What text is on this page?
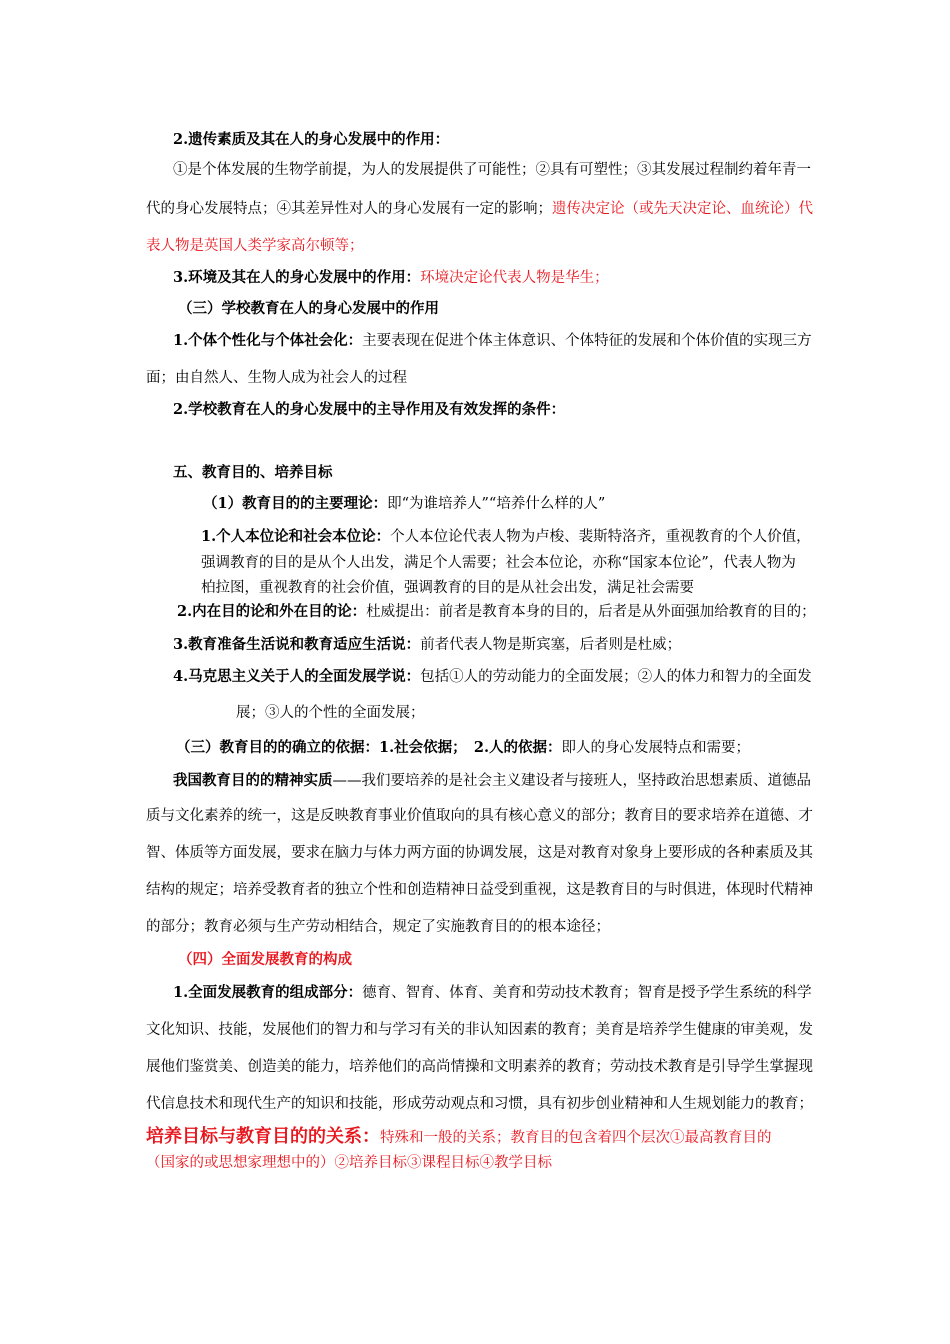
2.遗传素质及其在人的身心发展中的作用：
①是个体发展的生物学前提，为人的发展提供了可能性；②具有可塑性；③其发展过程制约着年青一
代的身心发展特点；④其差异性对人的身心发展有一定的影响；遗传决定论（或先天决定论、血统论）代
表人物是英国人类学家高尔顿等；
3.环境及其在人的身心发展中的作用：环境决定论代表人物是华生；
（三）学校教育在人的身心发展中的作用
1.个体个性化与个体社会化：主要表现在促进个体主体意识、个体特征的发展和个体价值的实现三方
面；由自然人、生物人成为社会人的过程
2.学校教育在人的身心发展中的主导作用及有效发挥的条件：
五、教育目的、培养目标
（1）教育目的的主要理论：即“为谁培养人”“培养什么样的人”
1.个人本位论和社会本位论：个人本位论代表人物为卢梭、裴斯特洛齐，重视教育的个人价值，
强调教育的目的是从个人出发，满足个人需要；社会本位论，亦称“国家本位论”，代表人物为
柏拉图，重视教育的社会价值，强调教育的目的是从社会出发，满足社会需要
2.内在目的论和外在目的论：杜威提出：前者是教育本身的目的，后者是从外面强加给教育的目的；
3.教育准备生活说和教育适应生活说：前者代表人物是斯宾塞，后者则是杜威；
4.马克思主义关于人的全面发展学说：包括①人的劳动能力的全面发展；②人的体力和智力的全面发
展；③人的个性的全面发展；
（三）教育目的的确立的依据：1.社会依据；　2.人的依据：即人的身心发展特点和需要；
我国教育目的的精神实质——我们要培养的是社会主义建设者与接班人，坚持政治思想素质、道德品
质与文化素养的统一，这是反映教育事业价值取向的具有核心意义的部分；教育目的要求培养在道德、才
智、体质等方面发展，要求在脑力与体力两方面的协调发展，这是对教育对象身上要形成的各种素质及其
结构的规定；培养受教育者的独立个性和创造精神日益受到重视，这是教育目的与时俱进，体现时代精神
的部分；教育必须与生产劳动相结合，规定了实施教育目的的根本途径；
（四）全面发展教育的构成
1.全面发展教育的组成部分：德育、智育、体育、美育和劳动技术教育；智育是授予学生系统的科学
文化知识、技能，发展他们的智力和与学习有关的非认知因素的教育；美育是培养学生健康的审美观，发
展他们鉴赏美、创造美的能力，培养他们的高尚情操和文明素养的教育；劳动技术教育是引导学生掌握现
代信息技术和现代生产的知识和技能，形成劳动观点和习惯，具有初步创业精神和人生规划能力的教育；
培养目标与教育目的的关系：特殊和一般的关系；教育目的包含着四个层次①最高教育目的
（国家的或思想家理想中的）②培养目标③课程目标④教学目标
